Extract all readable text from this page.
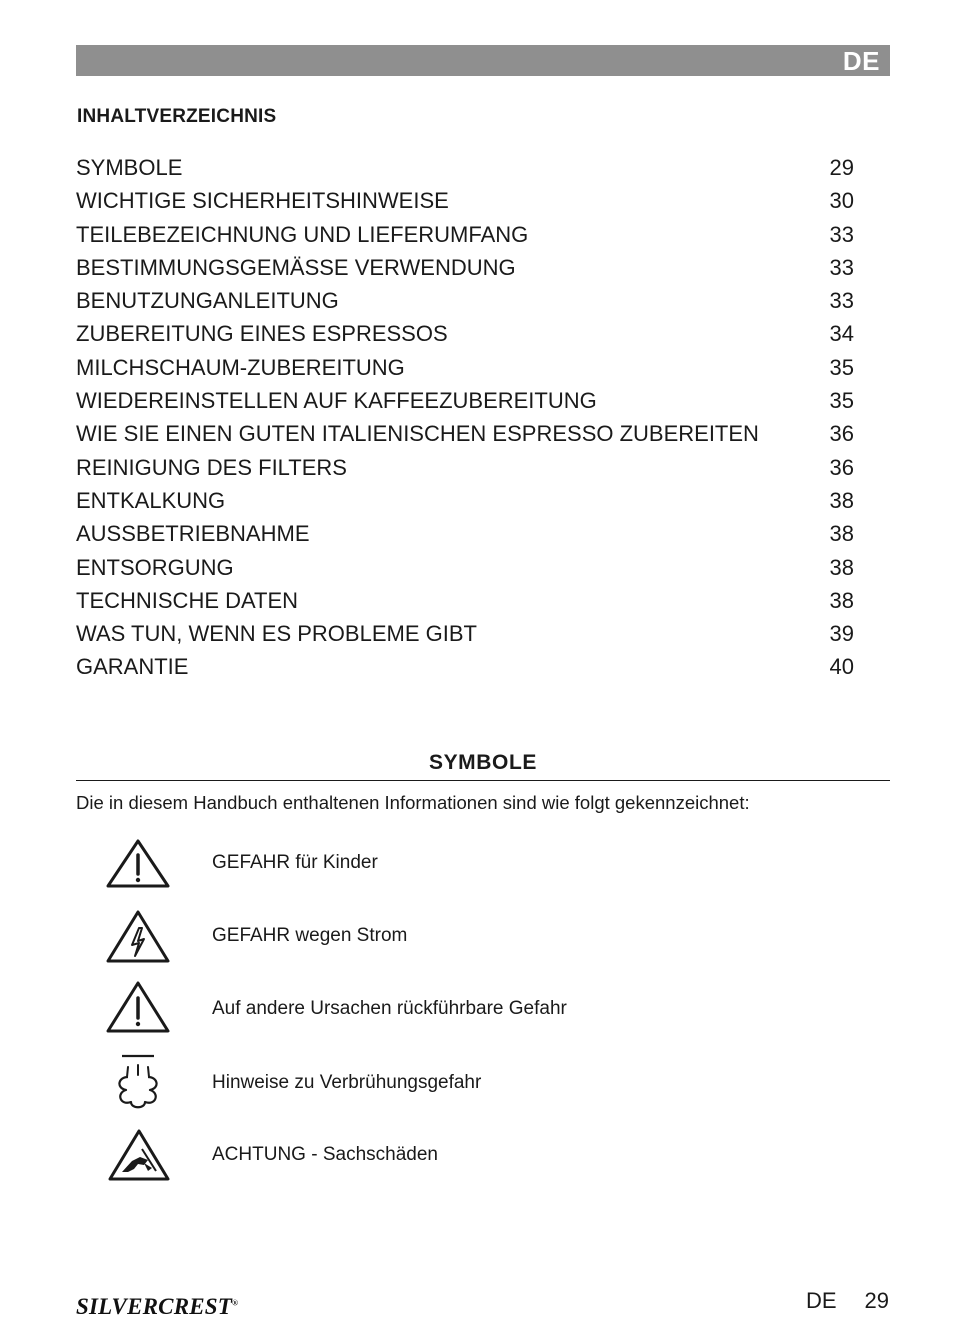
DE
INHALTVERZEICHNIS
SYMBOLE	29
WICHTIGE SICHERHEITSHINWEISE	30
TEILEBEZEICHNUNG UND LIEFERUMFANG	33
BESTIMMUNGSGEMÄSSE VERWENDUNG	33
BENUTZUNGANLEITUNG	33
ZUBEREITUNG EINES ESPRESSOS	34
MILCHSCHAUM-ZUBEREITUNG	35
WIEDEREINSTELLEN AUF KAFFEEZUBEREITUNG	35
WIE SIE EINEN GUTEN ITALIENISCHEN ESPRESSO ZUBEREITEN	36
REINIGUNG DES FILTERS	36
ENTKALKUNG	38
AUSSBETRIEBNAHME	38
ENTSORGUNG	38
TECHNISCHE DATEN	38
WAS TUN, WENN ES PROBLEME GIBT	39
GARANTIE	40
SYMBOLE
Die in diesem Handbuch enthaltenen Informationen sind wie folgt gekennzeichnet:
GEFAHR für Kinder
GEFAHR wegen Strom
Auf andere Ursachen rückführbare Gefahr
Hinweise zu Verbrühungsgefahr
ACHTUNG - Sachschäden
SILVERCREST®	DE 29
